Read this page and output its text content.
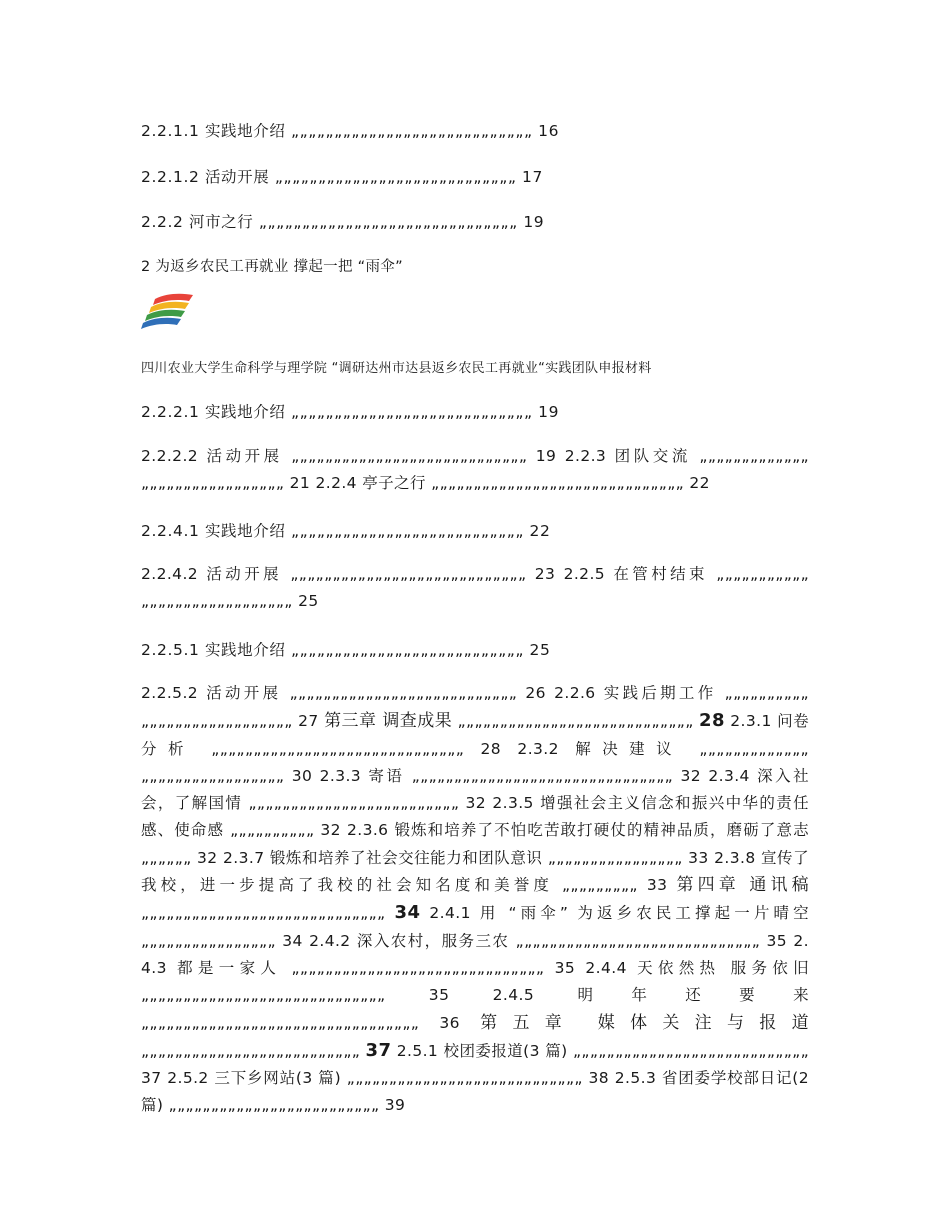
2.2.1.1 实践地介绍 „„„„„„„„„„„„„„„„„„„„„„„„„„„„ 16
2.2.1.2 活动开展 „„„„„„„„„„„„„„„„„„„„„„„„„„„„ 17
2.2.2 河市之行 „„„„„„„„„„„„„„„„„„„„„„„„„„„„„„ 19
2 为返乡农民工再就业 撑起一把 “雨伞”
四川农业大学生命科学与理学院 “调研达州市达县返乡农民工再就业“实践团队申报材料
2.2.2.1 实践地介绍 „„„„„„„„„„„„„„„„„„„„„„„„„„„„ 19
2.2.2.2 活动开展 „„„„„„„„„„„„„„„„„„„„„„„„„„„„ 19 2.2.3 团队交流 „„„„„„„„„„„„„ „„„„„„„„„„„„„„„„„ 21 2.2.4 亭子之行 „„„„„„„„„„„„„„„„„„„„„„„„„„„„„„ 22
2.2.4.1 实践地介绍 „„„„„„„„„„„„„„„„„„„„„„„„„„„ 22
2.2.4.2 活动开展 „„„„„„„„„„„„„„„„„„„„„„„„„„„„ 23 2.2.5 在管村结束 „„„„„„„„„„„ „„„„„„„„„„„„„„„„„„ 25
2.2.5.1 实践地介绍 „„„„„„„„„„„„„„„„„„„„„„„„„„„ 25
2.2.5.2 活动开展 „„„„„„„„„„„„„„„„„„„„„„„„„„„ 26 2.2.6 实践后期工作 „„„„„„„„„„ „„„„„„„„„„„„„„„„„„ 27 第三章 调查成果 „„„„„„„„„„„„„„„„„„„„„„„„„„„„ 28 2.3.1 问卷分析 „„„„„„„„„„„„„„„„„„„„„„„„„„„„„„ 28 2.3.2 解决建议 „„„„„„„„„„„„„ „„„„„„„„„„„„„„„„„ 30 2.3.3 寄语 „„„„„„„„„„„„„„„„„„„„„„„„„„„„„„„ 32 2.3.4 深入社会，了解国情 „„„„„„„„„„„„„„„„„„„„„„„„„ 32 2.3.5 增强社会主义信念和振兴中华的责任感、使命感 „„„„„„„„„„ 32 2.3.6 锻炼和培养了不怕吃苦敢打硬仗的精神品质，磨砺了意志 „„„„„„ 32 2.3.7 锻炼和培养了社会交往能力和团队意识 „„„„„„„„„„„„„„„„ 33 2.3.8 宣传了我校，进一步提高了我校的社会知名度和美誉度 „„„„„„„„„ 33 第四章 通讯稿 „„„„„„„„„„„„„„„„„„„„„„„„„„„„„ 34 2.4.1 用 “雨伞” 为返乡农民工撑起一片晴空 „„„„„„„„„„„„„„„„ 34 2.4.2 深入农村，服务三农 „„„„„„„„„„„„„„„„„„„„„„„„„„„„„ 35 2.4.3 都是一家人 „„„„„„„„„„„„„„„„„„„„„„„„„„„„„„ 35 2.4.4 天依然热 服务依旧 „„„„„„„„„„„„„„„„„„„„„„„„„„„„„ 35 2.4.5 明年还要来 „„„„„„„„„„„„„„„„„„„„„„„„„„„„„„„„„ 36 第五章 媒体关注与报道 „„„„„„„„„„„„„„„„„„„„„„„„„„ 37 2.5.1 校团委报道(3 篇) „„„„„„„„„„„„„„„„„„„„„„„„„„„„ 37 2.5.2 三下乡网站(3 篇) „„„„„„„„„„„„„„„„„„„„„„„„„„„„ 38 2.5.3 省团委学校部日记(2 篇) „„„„„„„„„„„„„„„„„„„„„„„„„ 39
